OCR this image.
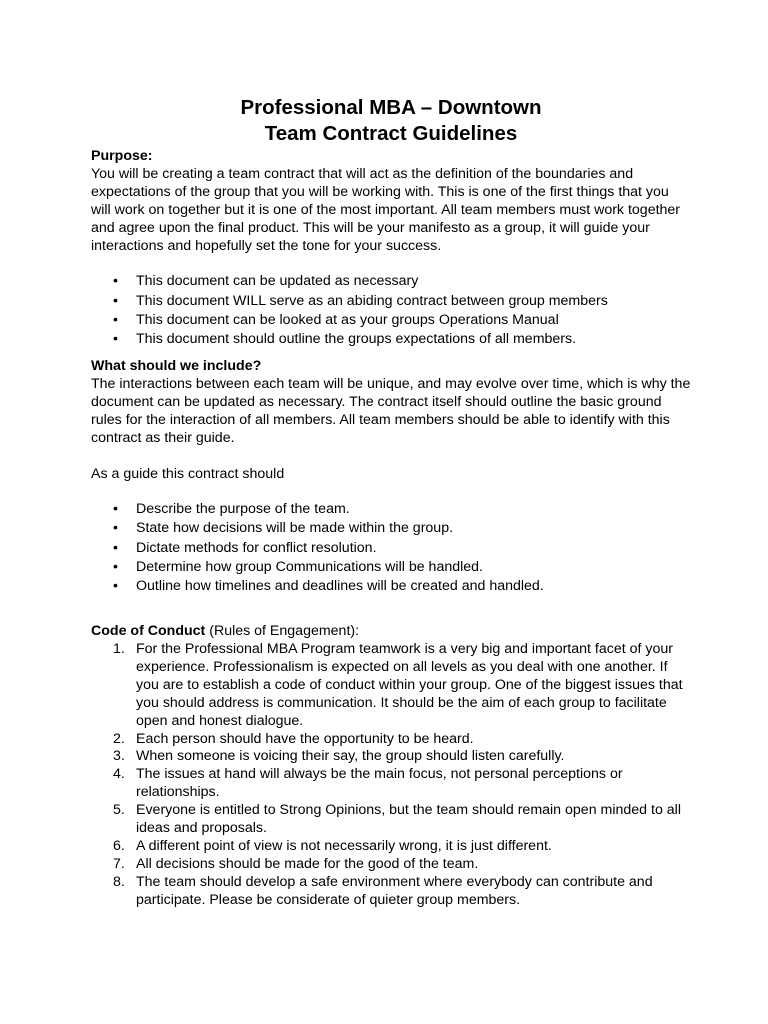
Professional MBA – Downtown
Team Contract Guidelines

Purpose:

You will be creating a team contract that will act as the definition of the boundaries and expectations of the group that you will be working with. This is one of the first things that you will work on together but it is one of the most important. All team members must work together and agree upon the final product. This will be your manifesto as a group, it will guide your interactions and hopefully set the tone for your success.

• This document can be updated as necessary
• This document WILL serve as an abiding contract between group members
• This document can be looked at as your groups Operations Manual
• This document should outline the groups expectations of all members.

What should we include?

The interactions between each team will be unique, and may evolve over time, which is why the document can be updated as necessary. The contract itself should outline the basic ground rules for the interaction of all members. All team members should be able to identify with this contract as their guide.

As a guide this contract should

• Describe the purpose of the team.
• State how decisions will be made within the group.
• Dictate methods for conflict resolution.
• Determine how group Communications will be handled.
• Outline how timelines and deadlines will be created and handled.

Code of Conduct (Rules of Engagement):

1. For the Professional MBA Program teamwork is a very big and important facet of your experience. Professionalism is expected on all levels as you deal with one another. If you are to establish a code of conduct within your group. One of the biggest issues that you should address is communication. It should be the aim of each group to facilitate open and honest dialogue.
2. Each person should have the opportunity to be heard.
3. When someone is voicing their say, the group should listen carefully.
4. The issues at hand will always be the main focus, not personal perceptions or relationships.
5. Everyone is entitled to Strong Opinions, but the team should remain open minded to all ideas and proposals.
6. A different point of view is not necessarily wrong, it is just different.
7. All decisions should be made for the good of the team.
8. The team should develop a safe environment where everybody can contribute and participate. Please be considerate of quieter group members.
